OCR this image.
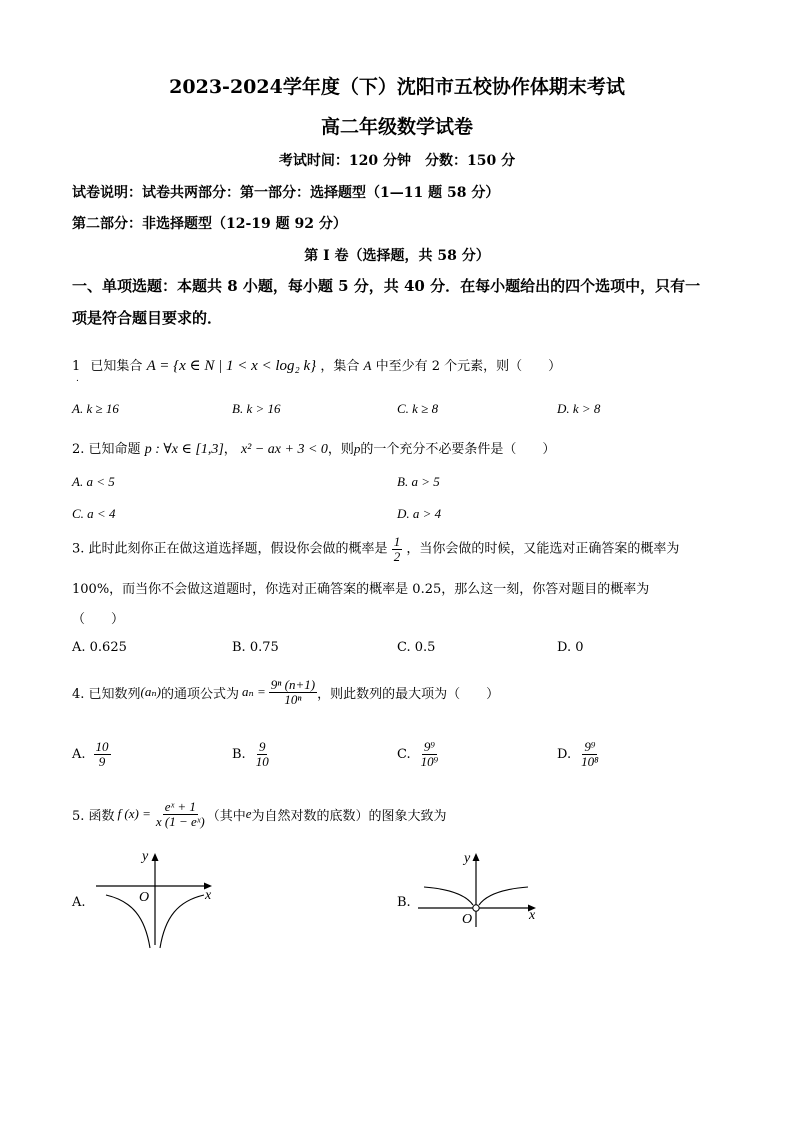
2023-2024学年度（下）沈阳市五校协作体期末考试
高二年级数学试卷
考试时间：120 分钟　分数：150 分
试卷说明：试卷共两部分：第一部分：选择题型（1—11 题 58 分）
第二部分：非选择题型（12-19 题 92 分）
第 I 卷（选择题，共 58 分）
一、单项选题：本题共 8 小题，每小题 5 分，共 40 分．在每小题给出的四个选项中，只有一
项是符合题目要求的．
1 已知集合 A = {x ∈ N | 1 < x < log₂ k} ，集合 A 中至少有 2 个元素，则（　　）
.
A. k ≥ 16	B. k > 16	C. k ≥ 8	D. k > 8
2. 已知命题 p : ∀x ∈ [1,3]， x² − ax + 3 < 0，则p的一个充分不必要条件是（　　）
A. a < 5	B. a > 5
C. a < 4	D. a > 4
3. 此时此刻你正在做这道选择题，假设你会做的概率是 $\frac{1}{2}$ ，当你会做的时候，又能选对正确答案的概率为
100%，而当你不会做这道题时，你选对正确答案的概率是 0.25，那么这一刻，你答对题目的概率为
（　　）
A. 0.625	B. 0.75	C. 0.5	D. 0
4. 已知数列 (aₙ) 的通项公式为 $a_n = \frac{\text{9ⁿ (n+1)}}{\text{10ⁿ}}$ ，则此数列的最大项为（　　）
A. $\frac{10}{9}$	B. $\frac{9}{10}$	C. $\frac{\text{9⁹}}{\text{10⁹}}$	D. $\frac{\text{9⁹}}{\text{10⁸}}$
5. 函数 f $(x) = \frac{\text{eˣ + 1}}{\text{x (1 − eˣ)}}$ （其中 e 为自然对数的底数）的图象大致为
A.
y
x
O	B.
y
x
O
